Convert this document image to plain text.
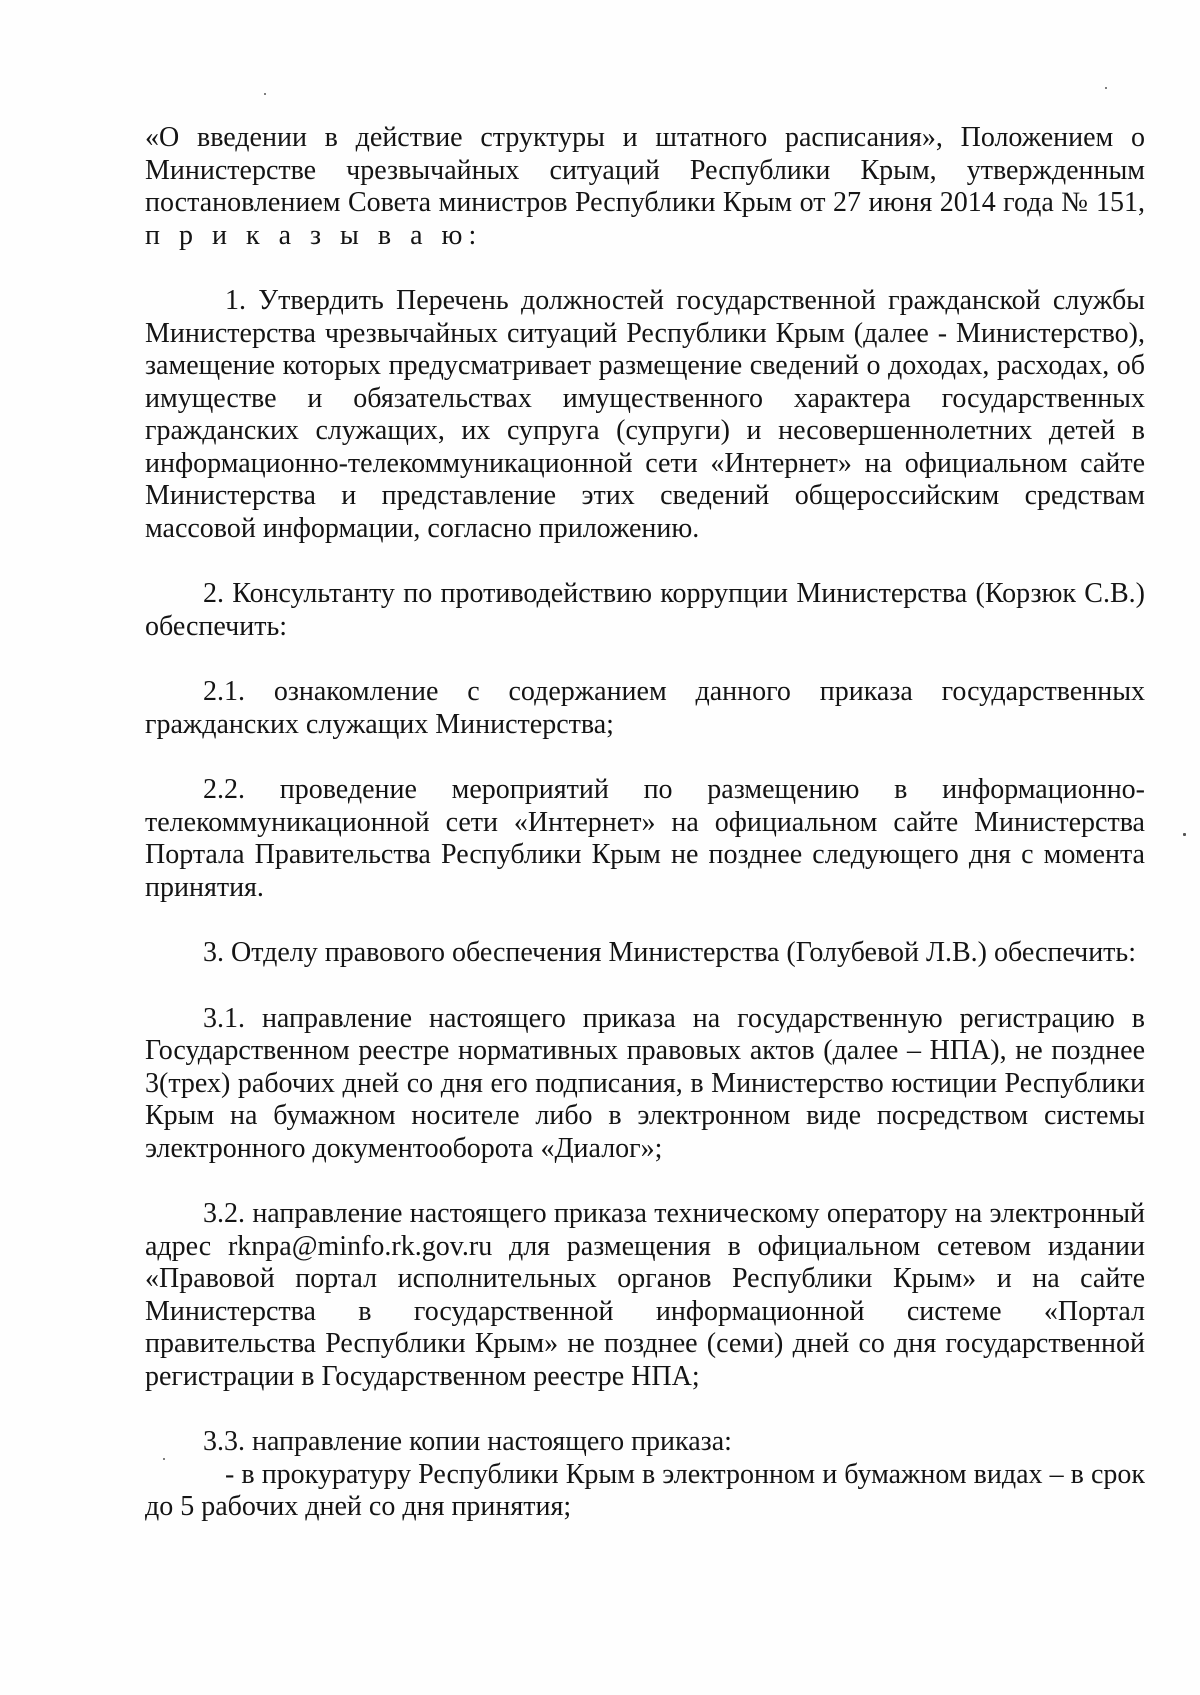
«О введении в действие структуры и штатного расписания», Положением о Министерстве чрезвычайных ситуаций Республики Крым, утвержденным постановлением Совета министров Республики Крым от 27 июня 2014 года № 151, п р и к а з ы в а ю:

1. Утвердить Перечень должностей государственной гражданской службы Министерства чрезвычайных ситуаций Республики Крым (далее - Министерство), замещение которых предусматривает размещение сведений о доходах, расходах, об имуществе и обязательствах имущественного характера государственных гражданских служащих, их супруга (супруги) и несовершеннолетних детей в информационно-телекоммуникационной сети «Интернет» на официальном сайте Министерства и представление этих сведений общероссийским средствам массовой информации, согласно приложению.

2. Консультанту по противодействию коррупции Министерства (Корзюк С.В.) обеспечить:

2.1. ознакомление с содержанием данного приказа государственных гражданских служащих Министерства;

2.2. проведение мероприятий по размещению в информационно-телекоммуникационной сети «Интернет» на официальном сайте Министерства Портала Правительства Республики Крым не позднее следующего дня с момента принятия.

3. Отделу правового обеспечения Министерства (Голубевой Л.В.) обеспечить:

3.1. направление настоящего приказа на государственную регистрацию в Государственном реестре нормативных правовых актов (далее – НПА), не позднее 3(трех) рабочих дней со дня его подписания, в Министерство юстиции Республики Крым на бумажном носителе либо в электронном виде посредством системы электронного документооборота «Диалог»;

3.2. направление настоящего приказа техническому оператору на электронный адрес rknpa@minfo.rk.gov.ru для размещения в официальном сетевом издании «Правовой портал исполнительных органов Республики Крым» и на сайте Министерства в государственной информационной системе «Портал правительства Республики Крым» не позднее (семи) дней со дня государственной регистрации в Государственном реестре НПА;

3.3. направление копии настоящего приказа:

- в прокуратуру Республики Крым в электронном и бумажном видах – в срок до 5 рабочих дней со дня принятия;
